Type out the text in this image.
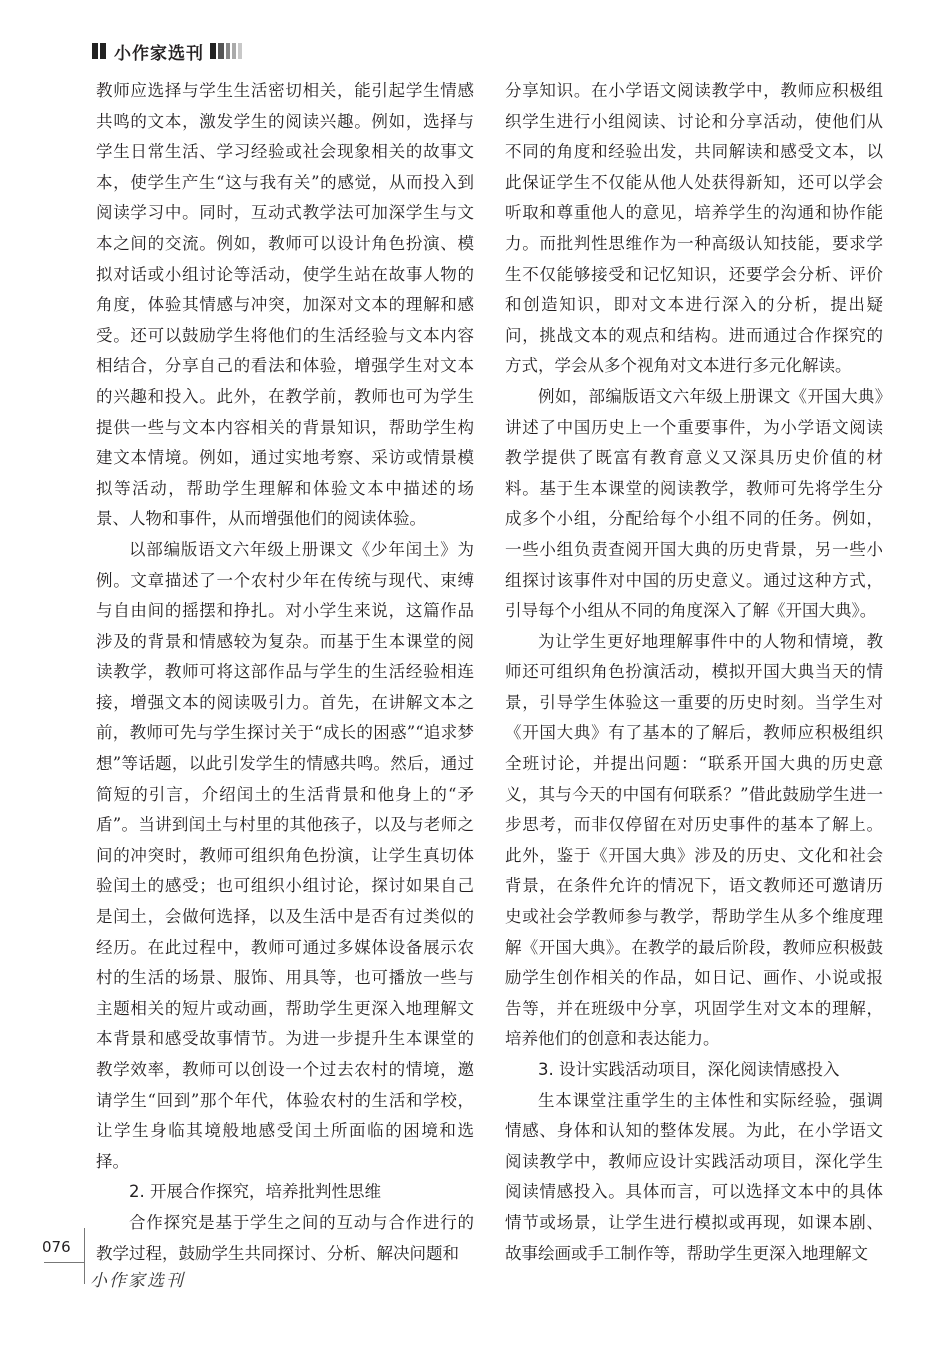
小作家选刊

教师应选择与学生生活密切相关，能引起学生情感共鸣的文本，激发学生的阅读兴趣。例如，选择与学生日常生活、学习经验或社会现象相关的故事文本，使学生产生“这与我有关”的感觉，从而投入到阅读学习中。同时，互动式教学法可加深学生与文本之间的交流。例如，教师可以设计角色扮演、模拟对话或小组讨论等活动，使学生站在故事人物的角度，体验其情感与冲突，加深对文本的理解和感受。还可以鼓励学生将他们的生活经验与文本内容相结合，分享自己的看法和体验，增强学生对文本的兴趣和投入。此外，在教学前，教师也可为学生提供一些与文本内容相关的背景知识，帮助学生构建文本情境。例如，通过实地考察、采访或情景模拟等活动，帮助学生理解和体验文本中描述的场景、人物和事件，从而增强他们的阅读体验。

以部编版语文六年级上册课文《少年闰土》为例。文章描述了一个农村少年在传统与现代、束缚与自由间的摇摆和挣扎。对小学生来说，这篇作品涉及的背景和情感较为复杂。而基于生本课堂的阅读教学，教师可将这部作品与学生的生活经验相连接，增强文本的阅读吸引力。首先，在讲解文本之前，教师可先与学生探讨关于“成长的困惑”“追求梦想”等话题，以此引发学生的情感共鸣。然后，通过简短的引言，介绍闰土的生活背景和他身上的“矛盾”。当讲到闰土与村里的其他孩子，以及与老师之间的冲突时，教师可组织角色扮演，让学生真切体验闰土的感受；也可组织小组讨论，探讨如果自己是闰土，会做何选择，以及生活中是否有过类似的经历。在此过程中，教师可通过多媒体设备展示农村的生活的场景、服饰、用具等，也可播放一些与主题相关的短片或动画，帮助学生更深入地理解文本背景和感受故事情节。为进一步提升生本课堂的教学效率，教师可以创设一个过去农村的情境，邀请学生“回到”那个年代，体验农村的生活和学校，让学生身临其境般地感受闰土所面临的困境和选择。

2. 开展合作探究，培养批判性思维

合作探究是基于学生之间的互动与合作进行的教学过程，鼓励学生共同探讨、分析、解决问题和

分享知识。在小学语文阅读教学中，教师应积极组织学生进行小组阅读、讨论和分享活动，使他们从不同的角度和经验出发，共同解读和感受文本，以此保证学生不仅能从他人处获得新知，还可以学会听取和尊重他人的意见，培养学生的沟通和协作能力。而批判性思维作为一种高级认知技能，要求学生不仅能够接受和记忆知识，还要学会分析、评价和创造知识，即对文本进行深入的分析，提出疑问，挑战文本的观点和结构。进而通过合作探究的方式，学会从多个视角对文本进行多元化解读。

例如，部编版语文六年级上册课文《开国大典》讲述了中国历史上一个重要事件，为小学语文阅读教学提供了既富有教育意义又深具历史价值的材料。基于生本课堂的阅读教学，教师可先将学生分成多个小组，分配给每个小组不同的任务。例如，一些小组负责查阅开国大典的历史背景，另一些小组探讨该事件对中国的历史意义。通过这种方式，引导每个小组从不同的角度深入了解《开国大典》。

为让学生更好地理解事件中的人物和情境，教师还可组织角色扮演活动，模拟开国大典当天的情景，引导学生体验这一重要的历史时刻。当学生对《开国大典》有了基本的了解后，教师应积极组织全班讨论，并提出问题：“联系开国大典的历史意义，其与今天的中国有何联系？”借此鼓励学生进一步思考，而非仅停留在对历史事件的基本了解上。此外，鉴于《开国大典》涉及的历史、文化和社会背景，在条件允许的情况下，语文教师还可邀请历史或社会学教师参与教学，帮助学生从多个维度理解《开国大典》。在教学的最后阶段，教师应积极鼓励学生创作相关的作品，如日记、画作、小说或报告等，并在班级中分享，巩固学生对文本的理解，培养他们的创意和表达能力。

3. 设计实践活动项目，深化阅读情感投入

生本课堂注重学生的主体性和实际经验，强调情感、身体和认知的整体发展。为此，在小学语文阅读教学中，教师应设计实践活动项目，深化学生阅读情感投入。具体而言，可以选择文本中的具体情节或场景，让学生进行模拟或再现，如课本剧、故事绘画或手工制作等，帮助学生更深入地理解文

076
小作家选刊
